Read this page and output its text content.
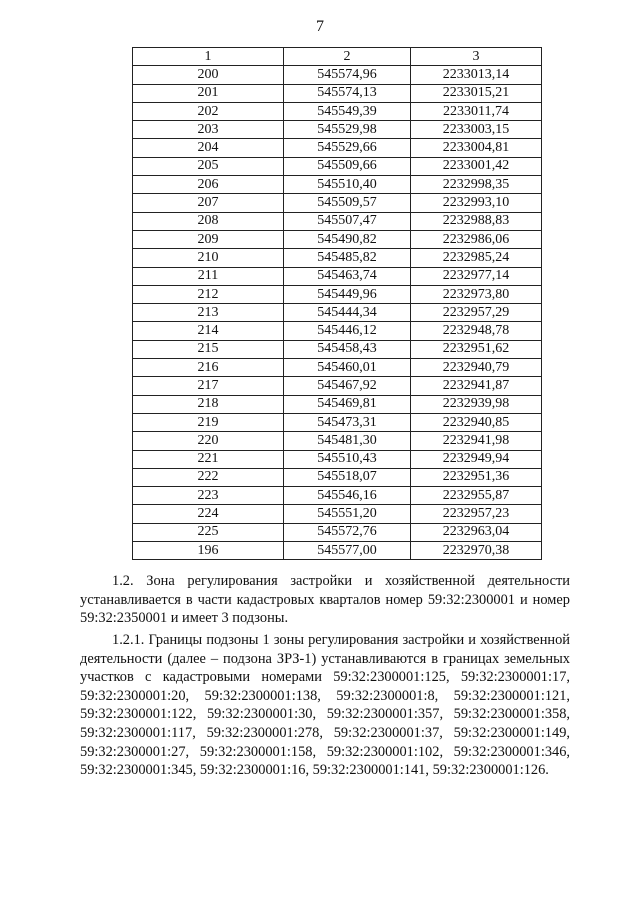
7
1	2	3
200	545574,96	2233013,14
201	545574,13	2233015,21
202	545549,39	2233011,74
203	545529,98	2233003,15
204	545529,66	2233004,81
205	545509,66	2233001,42
206	545510,40	2232998,35
207	545509,57	2232993,10
208	545507,47	2232988,83
209	545490,82	2232986,06
210	545485,82	2232985,24
211	545463,74	2232977,14
212	545449,96	2232973,80
213	545444,34	2232957,29
214	545446,12	2232948,78
215	545458,43	2232951,62
216	545460,01	2232940,79
217	545467,92	2232941,87
218	545469,81	2232939,98
219	545473,31	2232940,85
220	545481,30	2232941,98
221	545510,43	2232949,94
222	545518,07	2232951,36
223	545546,16	2232955,87
224	545551,20	2232957,23
225	545572,76	2232963,04
196	545577,00	2232970,38
1.2. Зона регулирования застройки и хозяйственной деятельности устанавливается в части кадастровых кварталов номер 59:32:2300001 и номер 59:32:2350001 и имеет 3 подзоны.
1.2.1. Границы подзоны 1 зоны регулирования застройки и хозяйственной деятельности (далее – подзона ЗРЗ-1) устанавливаются в границах земельных участков с кадастровыми номерами 59:32:2300001:125, 59:32:2300001:17, 59:32:2300001:20, 59:32:2300001:138, 59:32:2300001:8, 59:32:2300001:121, 59:32:2300001:122, 59:32:2300001:30, 59:32:2300001:357, 59:32:2300001:358, 59:32:2300001:117, 59:32:2300001:278, 59:32:2300001:37, 59:32:2300001:149, 59:32:2300001:27, 59:32:2300001:158, 59:32:2300001:102, 59:32:2300001:346, 59:32:2300001:345, 59:32:2300001:16, 59:32:2300001:141, 59:32:2300001:126.
